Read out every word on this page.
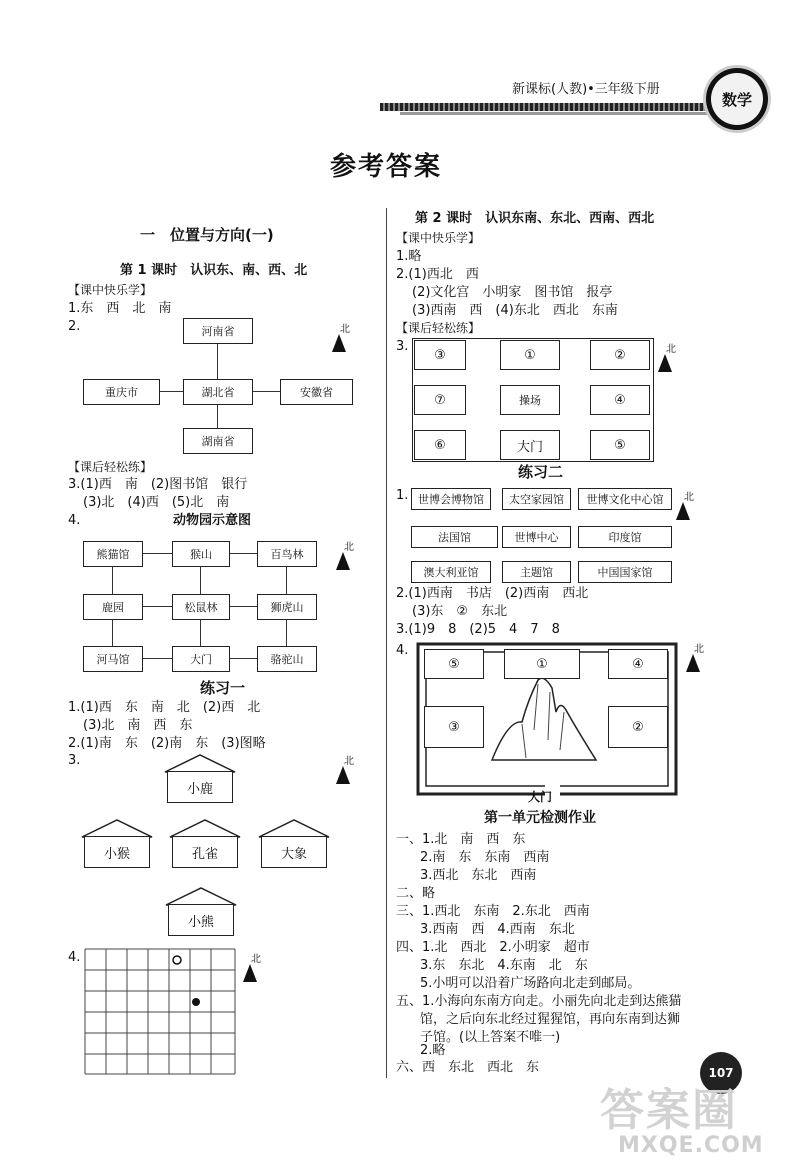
新课标(人教)•三年级下册
数学
参考答案
一　位置与方向(一)
第 1 课时　认识东、南、西、北
【课中快乐学】
1.东　西　北　南
2.	河南省
重庆市	湖北省	安徽省
湖南省
北
【课后轻松练】
3.(1)西　南　(2)图书馆　银行
(3)北　(4)西　(5)北　南
4.	动物园示意图
熊猫馆	猴山	百鸟林
鹿园	松鼠林	狮虎山
河马馆	大门	骆驼山
北
练习一
1.(1)西　东　南　北　(2)西　北
(3)北　南　西　东
2.(1)南　东　(2)南　东　(3)图略
3.
小鹿
小猴	孔雀	大象
小熊
北
4.	北
第 2 课时　认识东南、东北、西南、西北
【课中快乐学】
1.略
2.(1)西北　西
(2)文化宫　小明家　图书馆　报亭
(3)西南　西　(4)东北　西北　东南
【课后轻松练】
3.
③	①	②
⑦	操场	④
⑥	大门	⑤
北
练习二
1. 世博会博物馆	太空家园馆	世博文化中心馆
法国馆	世博中心	印度馆
澳大利亚馆	主题馆	中国国家馆
北
2.(1)西南　书店　(2)西南　西北
(3)东　②　东北
3.(1)9　8　(2)5　4　7　8
4.
⑤	①	④
③	②
大门
北
第一单元检测作业
一、1.北　南　西　东
2.南　东　东南　西南
3.西北　东北　西南
二、略
三、1.西北　东南　2.东北　西南
3.西南　西　4.西南　东北
四、1.北　西北　2.小明家　超市
3.东　东北　4.东南　北　东
5.小明可以沿着广场路向北走到邮局。
五、1.小海向东南方向走。小丽先向北走到达熊猫
馆，之后向东北经过猩猩馆，再向东南到达狮
子馆。(以上答案不唯一)
2.略
六、西　东北　西北　东	107
答案圈
MXQE.COM
